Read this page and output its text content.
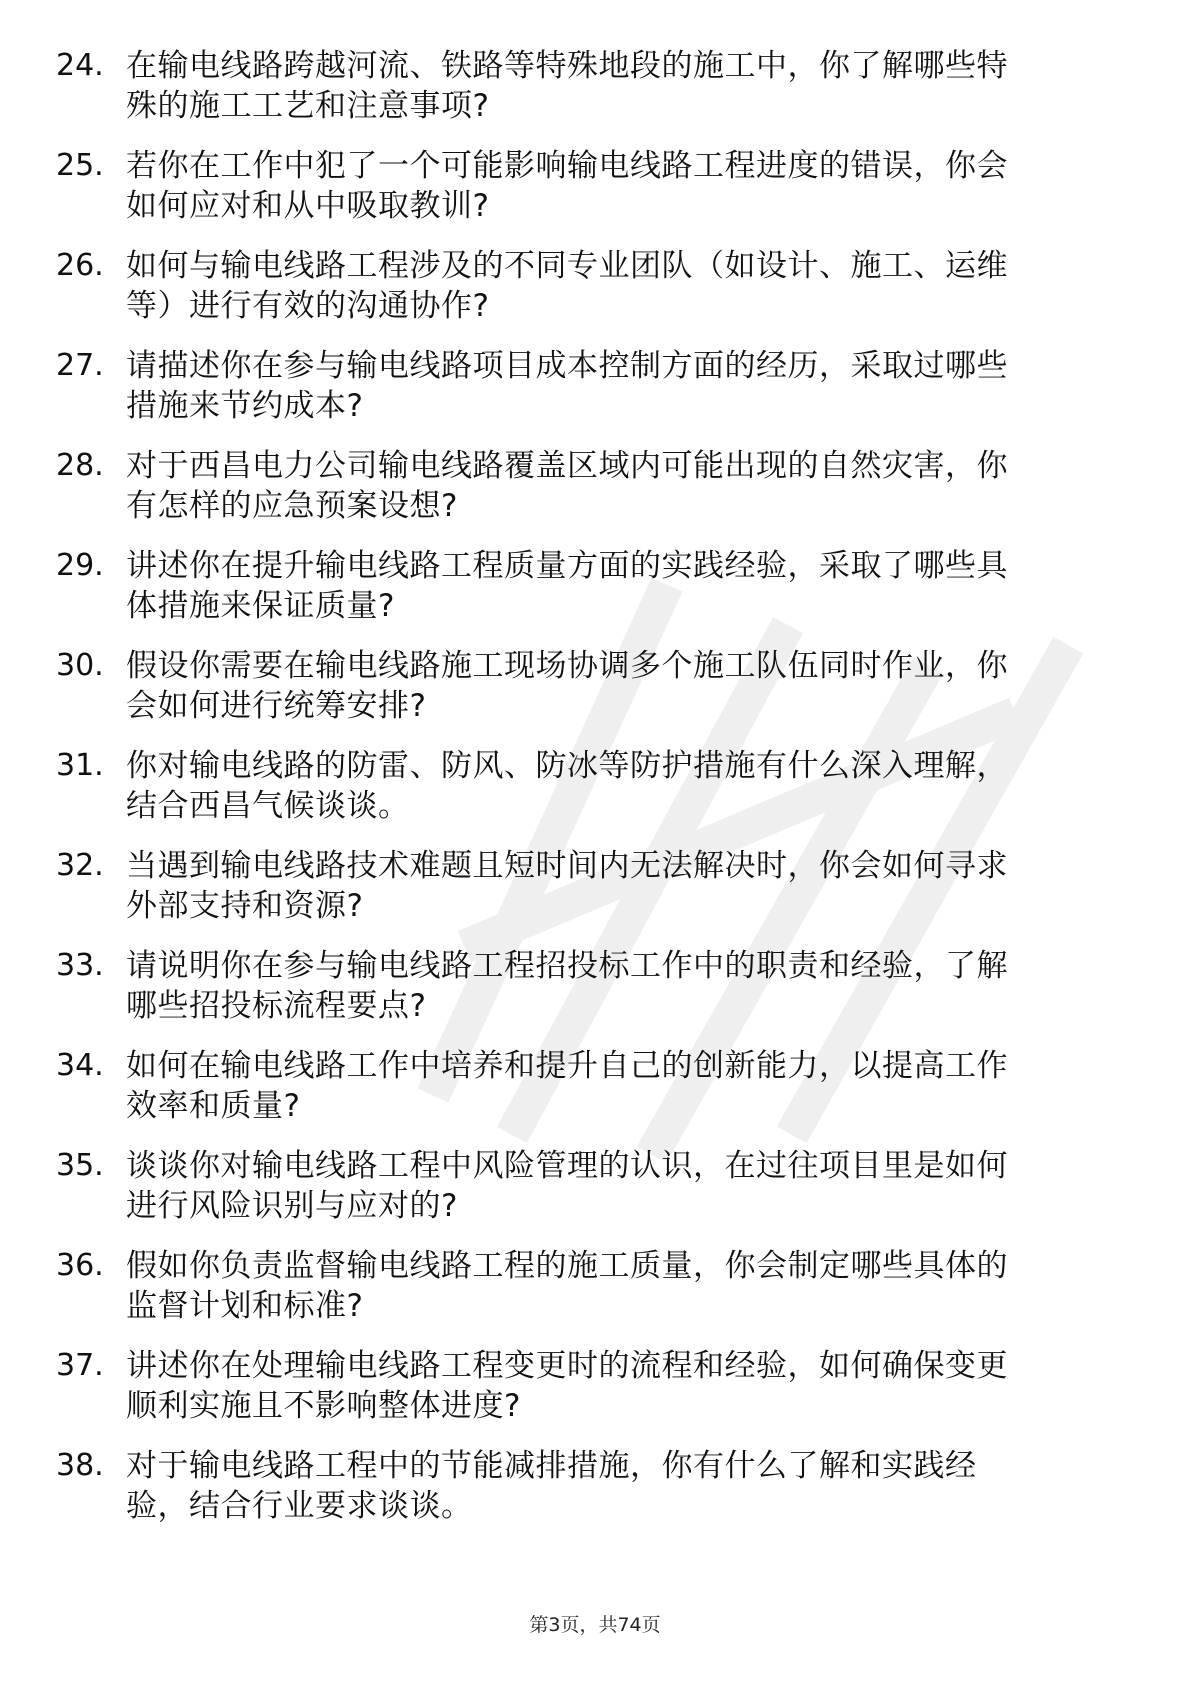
24. 在输电线路跨越河流、铁路等特殊地段的施工中，你了解哪些特
殊的施工工艺和注意事项?
25. 若你在工作中犯了一个可能影响输电线路工程进度的错误，你会
如何应对和从中吸取教训?
26. 如何与输电线路工程涉及的不同专业团队（如设计、施工、运维
等）进行有效的沟通协作?
27. 请描述你在参与输电线路项目成本控制方面的经历，采取过哪些
措施来节约成本?
28. 对于西昌电力公司输电线路覆盖区域内可能出现的自然灾害，你
有怎样的应急预案设想?
29. 讲述你在提升输电线路工程质量方面的实践经验，采取了哪些具
体措施来保证质量?
30. 假设你需要在输电线路施工现场协调多个施工队伍同时作业，你
会如何进行统筹安排?
31. 你对输电线路的防雷、防风、防冰等防护措施有什么深入理解，
结合西昌气候谈谈。
32. 当遇到输电线路技术难题且短时间内无法解决时，你会如何寻求
外部支持和资源?
33. 请说明你在参与输电线路工程招投标工作中的职责和经验，了解
哪些招投标流程要点?
34. 如何在输电线路工作中培养和提升自己的创新能力，以提高工作
效率和质量?
35. 谈谈你对输电线路工程中风险管理的认识，在过往项目里是如何
进行风险识别与应对的?
36. 假如你负责监督输电线路工程的施工质量，你会制定哪些具体的
监督计划和标准?
37. 讲述你在处理输电线路工程变更时的流程和经验，如何确保变更
顺利实施且不影响整体进度?
38. 对于输电线路工程中的节能减排措施，你有什么了解和实践经
验，结合行业要求谈谈。
第3页，共74页
